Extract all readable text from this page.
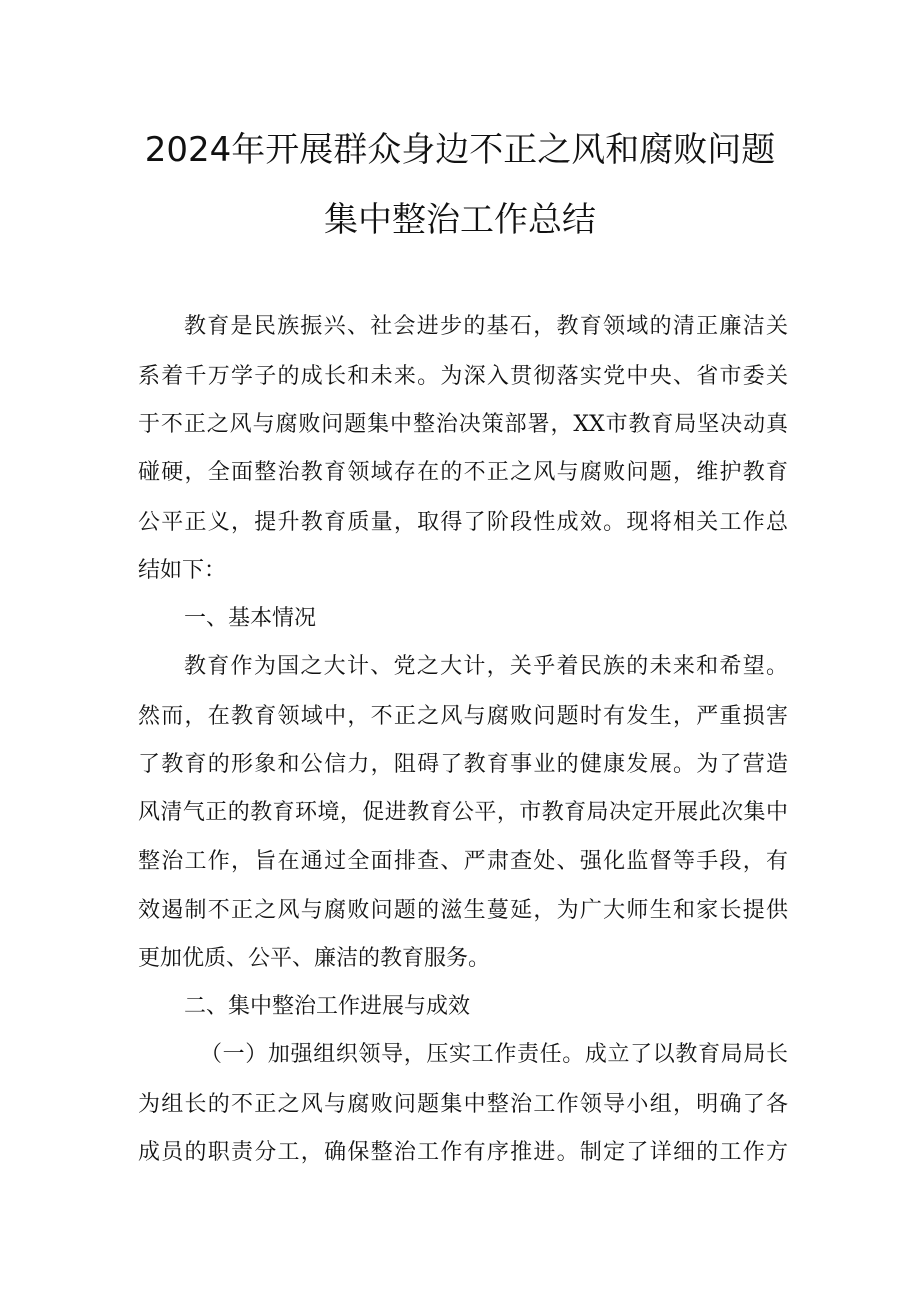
2024年开展群众身边不正之风和腐败问题
集中整治工作总结
教育是民族振兴、社会进步的基石，教育领域的清正廉洁关
系着千万学子的成长和未来。为深入贯彻落实党中央、省市委关
于不正之风与腐败问题集中整治决策部署，XX市教育局坚决动真
碰硬，全面整治教育领域存在的不正之风与腐败问题，维护教育
公平正义，提升教育质量，取得了阶段性成效。现将相关工作总
结如下：
一、基本情况
教育作为国之大计、党之大计，关乎着民族的未来和希望。
然而，在教育领域中，不正之风与腐败问题时有发生，严重损害
了教育的形象和公信力，阻碍了教育事业的健康发展。为了营造
风清气正的教育环境，促进教育公平，市教育局决定开展此次集中
整治工作，旨在通过全面排查、严肃查处、强化监督等手段，有
效遏制不正之风与腐败问题的滋生蔓延，为广大师生和家长提供
更加优质、公平、廉洁的教育服务。
二、集中整治工作进展与成效
（一）加强组织领导，压实工作责任。成立了以教育局局长
为组长的不正之风与腐败问题集中整治工作领导小组，明确了各
成员的职责分工，确保整治工作有序推进。制定了详细的工作方
